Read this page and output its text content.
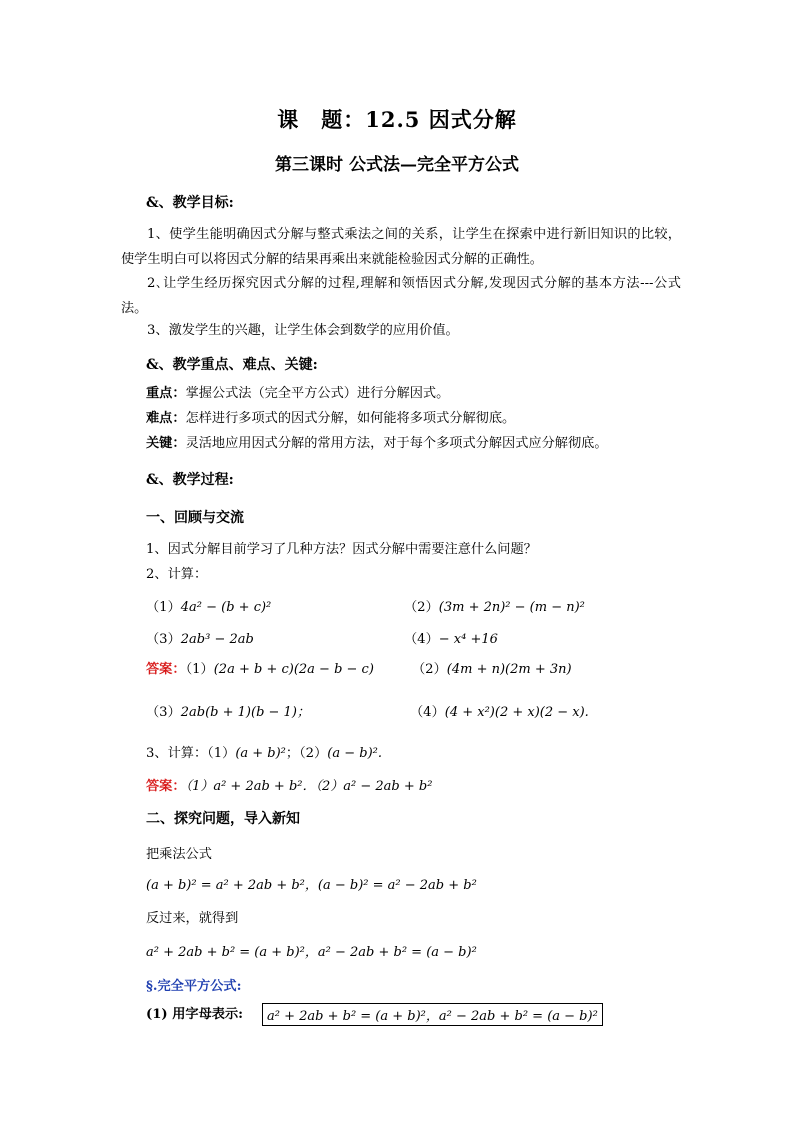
课　题：12.5 因式分解
第三课时 公式法—完全平方公式
&、教学目标:
1、使学生能明确因式分解与整式乘法之间的关系，让学生在探索中进行新旧知识的比较，使学生明白可以将因式分解的结果再乘出来就能检验因式分解的正确性。
2､让学生经历探究因式分解的过程,理解和领悟因式分解,发现因式分解的基本方法---公式法。
3、激发学生的兴趣，让学生体会到数学的应用价值。
&、教学重点、难点、关键:
重点：掌握公式法（完全平方公式）进行分解因式。
难点：怎样进行多项式的因式分解，如何能将多项式分解彻底。
关键：灵活地应用因式分解的常用方法，对于每个多项式分解因式应分解彻底。
&、教学过程:
一、回顾与交流
1、因式分解目前学习了几种方法？因式分解中需要注意什么问题？
2、计算：
（1）4a² − (b + c)²	（2）(3m + 2n)² − (m − n)²
（3）2ab³ − 2ab	（4）− x⁴ +16
答案：（1）(2a + b + c)(2a − b − c)	（2）(4m + n)(2m + 3n)
（3）2ab(b + 1)(b − 1)；	（4）(4 + x²)(2 + x)(2 − x).
3、计算：（1）(a + b)²；（2）(a − b)².
答案：（1）a² + 2ab + b²．（2）a² − 2ab + b²
二、探究问题，导入新知
把乘法公式
(a + b)² = a² + 2ab + b²，(a − b)² = a² − 2ab + b²
反过来，就得到
a² + 2ab + b² = (a + b)²，a² − 2ab + b² = (a − b)²
§.完全平方公式:
(1) 用字母表示:	a² + 2ab + b² = (a + b)²，a² − 2ab + b² = (a − b)²
